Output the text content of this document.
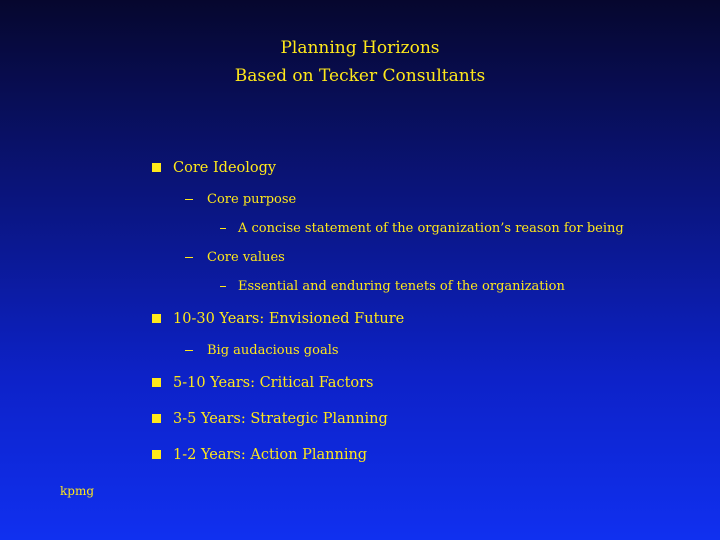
Planning Horizons
Based on Tecker Consultants
Core Ideology
Core purpose
A concise statement of the organization’s reason for being
Core values
Essential and enduring tenets of the organization
10-30 Years: Envisioned Future
Big audacious goals
5-10 Years: Critical Factors
3-5 Years: Strategic Planning
1-2 Years: Action Planning
kpmg
